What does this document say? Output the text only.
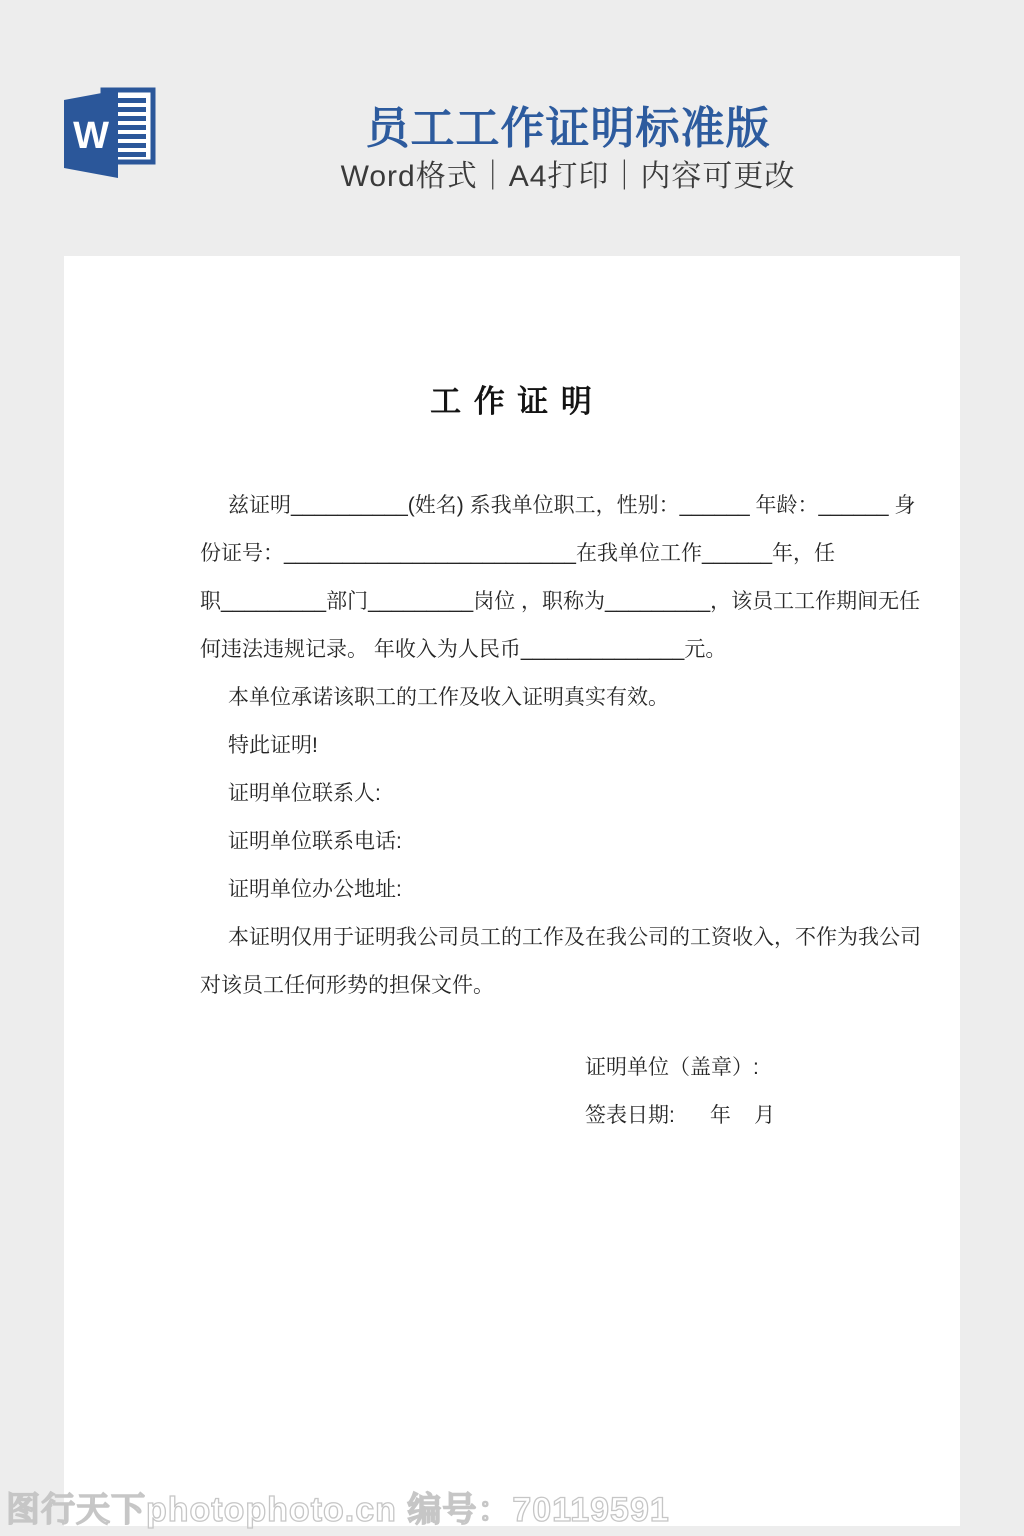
W	员工工作证明标准版
Word格式｜A4打印｜内容可更改
工 作 证 明
兹证明__________(姓名) 系我单位职工，性别：______ 年龄：______ 身
份证号：_________________________在我单位工作______年，任
职_________部门_________岗位 ，职称为_________，该员工工作期间无任
何违法违规记录。 年收入为人民币______________元。
本单位承诺该职工的工作及收入证明真实有效。
特此证明!
证明单位联系人:
证明单位联系电话:
证明单位办公地址:
本证明仅用于证明我公司员工的工作及在我公司的工资收入，不作为我公司
对该员工任何形势的担保文件。
证明单位（盖章）:
签表日期:      年    月
图行天下photophoto.cn 编号：70119591
